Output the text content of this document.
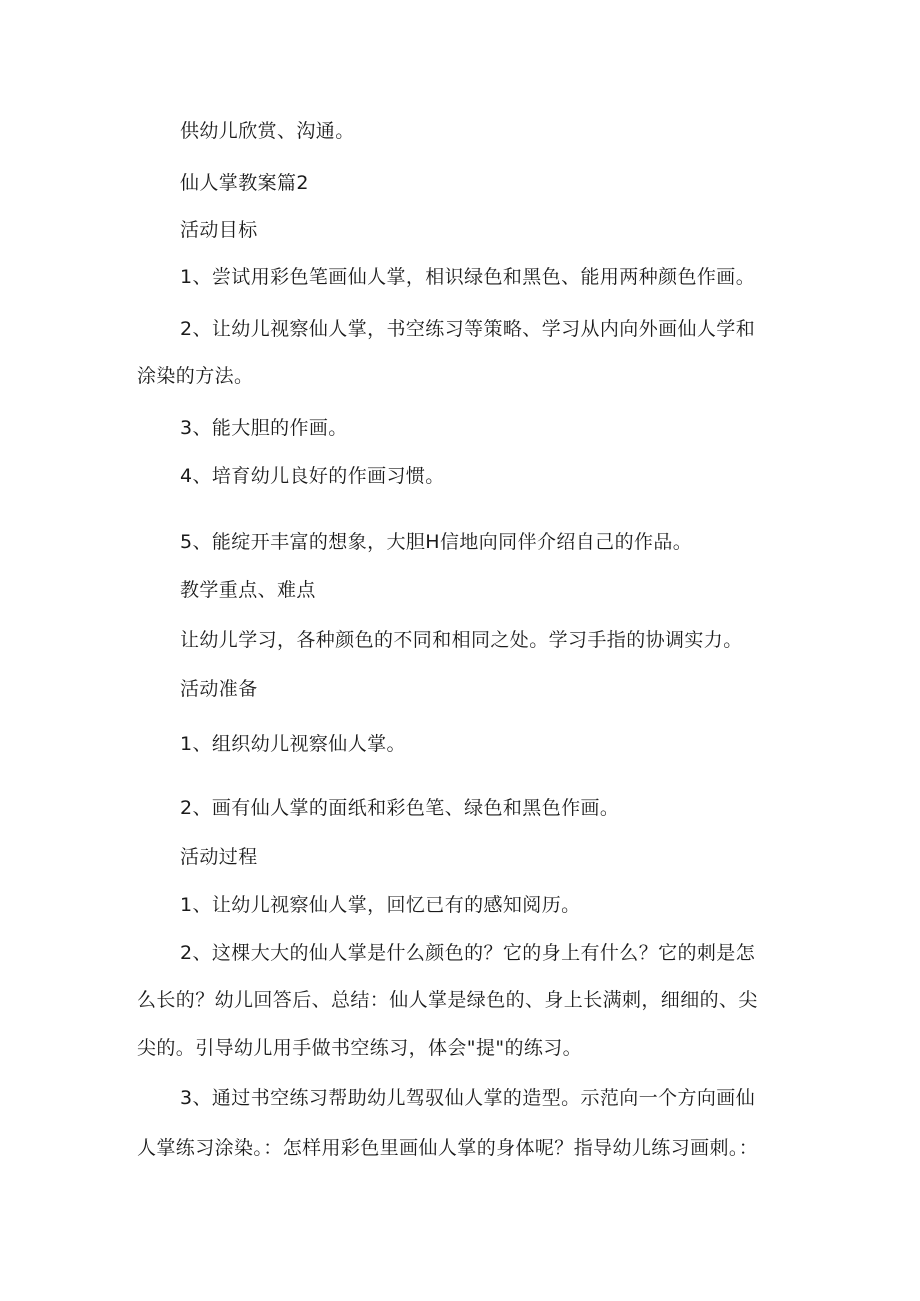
供幼儿欣赏、沟通。
仙人掌教案篇2
活动目标
1、尝试用彩色笔画仙人掌，相识绿色和黑色、能用两种颜色作画。
2、让幼儿视察仙人掌，书空练习等策略、学习从内向外画仙人学和
涂染的方法。
3、能大胆的作画。
4、培育幼儿良好的作画习惯。
5、能绽开丰富的想象，大胆H信地向同伴介绍自己的作品。
教学重点、难点
让幼儿学习，各种颜色的不同和相同之处。学习手指的协调实力。
活动准备
1、组织幼儿视察仙人掌。
2、画有仙人掌的面纸和彩色笔、绿色和黑色作画。
活动过程
1、让幼儿视察仙人掌，回忆已有的感知阅历。
2、这棵大大的仙人掌是什么颜色的？它的身上有什么？它的刺是怎
么长的？幼儿回答后、总结：仙人掌是绿色的、身上长满刺，细细的、尖
尖的。引导幼儿用手做书空练习，体会"提"的练习。
3、通过书空练习帮助幼儿驾驭仙人掌的造型。示范向一个方向画仙
人掌练习涂染。：怎样用彩色里画仙人掌的身体呢？指导幼儿练习画刺。：
